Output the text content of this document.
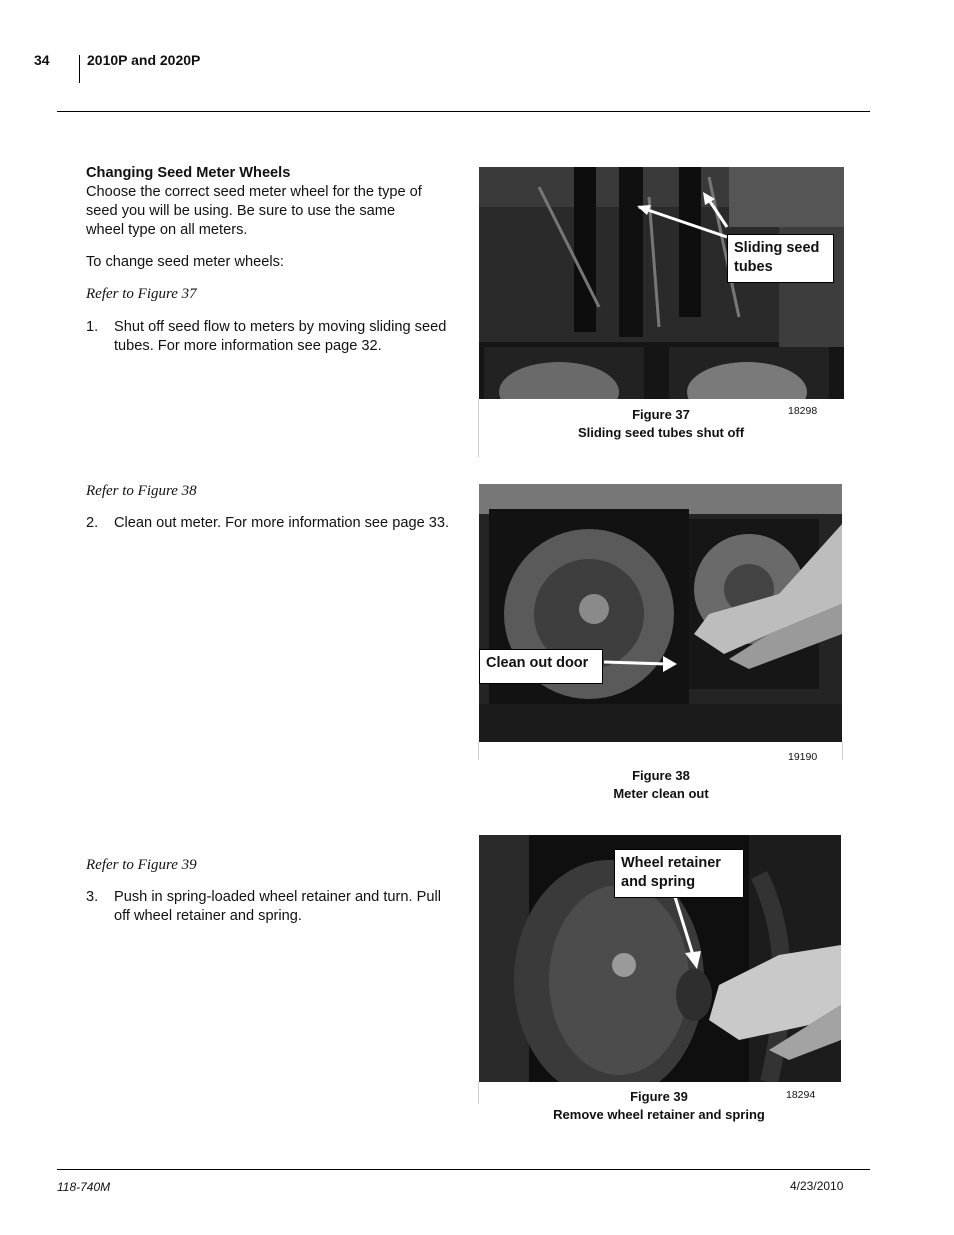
34	2010P and 2020P
Changing Seed Meter Wheels
Choose the correct seed meter wheel for the type of seed you will be using. Be sure to use the same wheel type on all meters.
To change seed meter wheels:
Refer to Figure 37
1. Shut off seed flow to meters by moving sliding seed tubes. For more information see page 32.
Refer to Figure 38
2. Clean out meter. For more information see page 33.
Refer to Figure 39
3. Push in spring-loaded wheel retainer and turn. Pull off wheel retainer and spring.
Sliding seed
tubes
Figure 37
Sliding seed tubes shut off
18298
Clean out door
19190
Figure 38
Meter clean out
Wheel retainer
and spring
Figure 39
Remove wheel retainer and spring
18294
118-740M	4/23/2010
